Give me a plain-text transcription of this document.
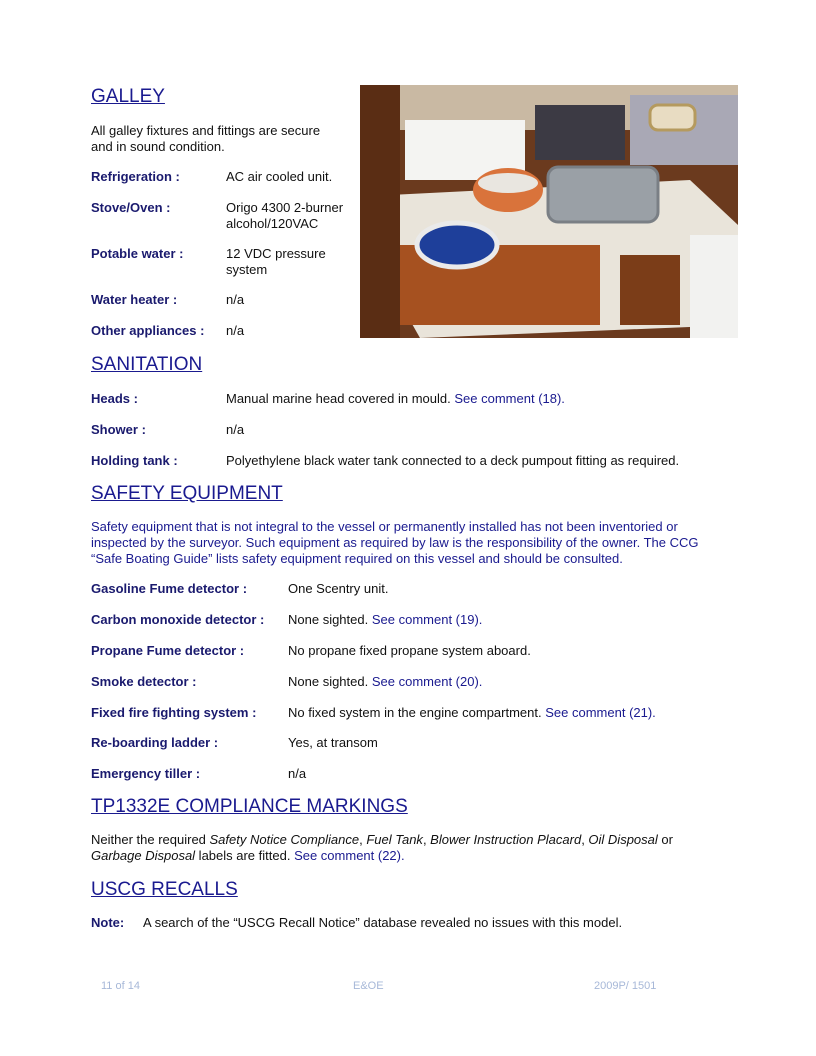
GALLEY
All galley fixtures and fittings are secure and in sound condition.
Refrigeration :	AC air cooled unit.
Stove/Oven :	Origo 4300 2-burner alcohol/120VAC
Potable water :	12 VDC pressure system
Water heater :	n/a
Other appliances : n/a
SANITATION
Heads :	Manual marine head covered in mould. See comment (18).
Shower :	n/a
Holding tank :	Polyethylene black water tank connected to a deck pumpout fitting as required.
SAFETY EQUIPMENT
Safety equipment that is not integral to the vessel or permanently installed has not been inventoried or inspected by the surveyor. Such equipment as required by law is the responsibility of the owner. The CCG “Safe Boating Guide” lists safety equipment required on this vessel and should be consulted.
Gasoline Fume detector :	One Scentry unit.
Carbon monoxide detector : None sighted. See comment (19).
Propane Fume detector :	No propane fixed propane system aboard.
Smoke detector :	None sighted. See comment (20).
Fixed fire fighting system : No fixed system in the engine compartment. See comment (21).
Re-boarding ladder :	Yes, at transom
Emergency tiller :	n/a
TP1332E COMPLIANCE MARKINGS
Neither the required Safety Notice Compliance, Fuel Tank, Blower Instruction Placard, Oil Disposal or
Garbage Disposal labels are fitted. See comment (22).
USCG RECALLS
Note: A search of the “USCG Recall Notice” database revealed no issues with this model.
11 of 14	E&OE	2009P/ 1501
